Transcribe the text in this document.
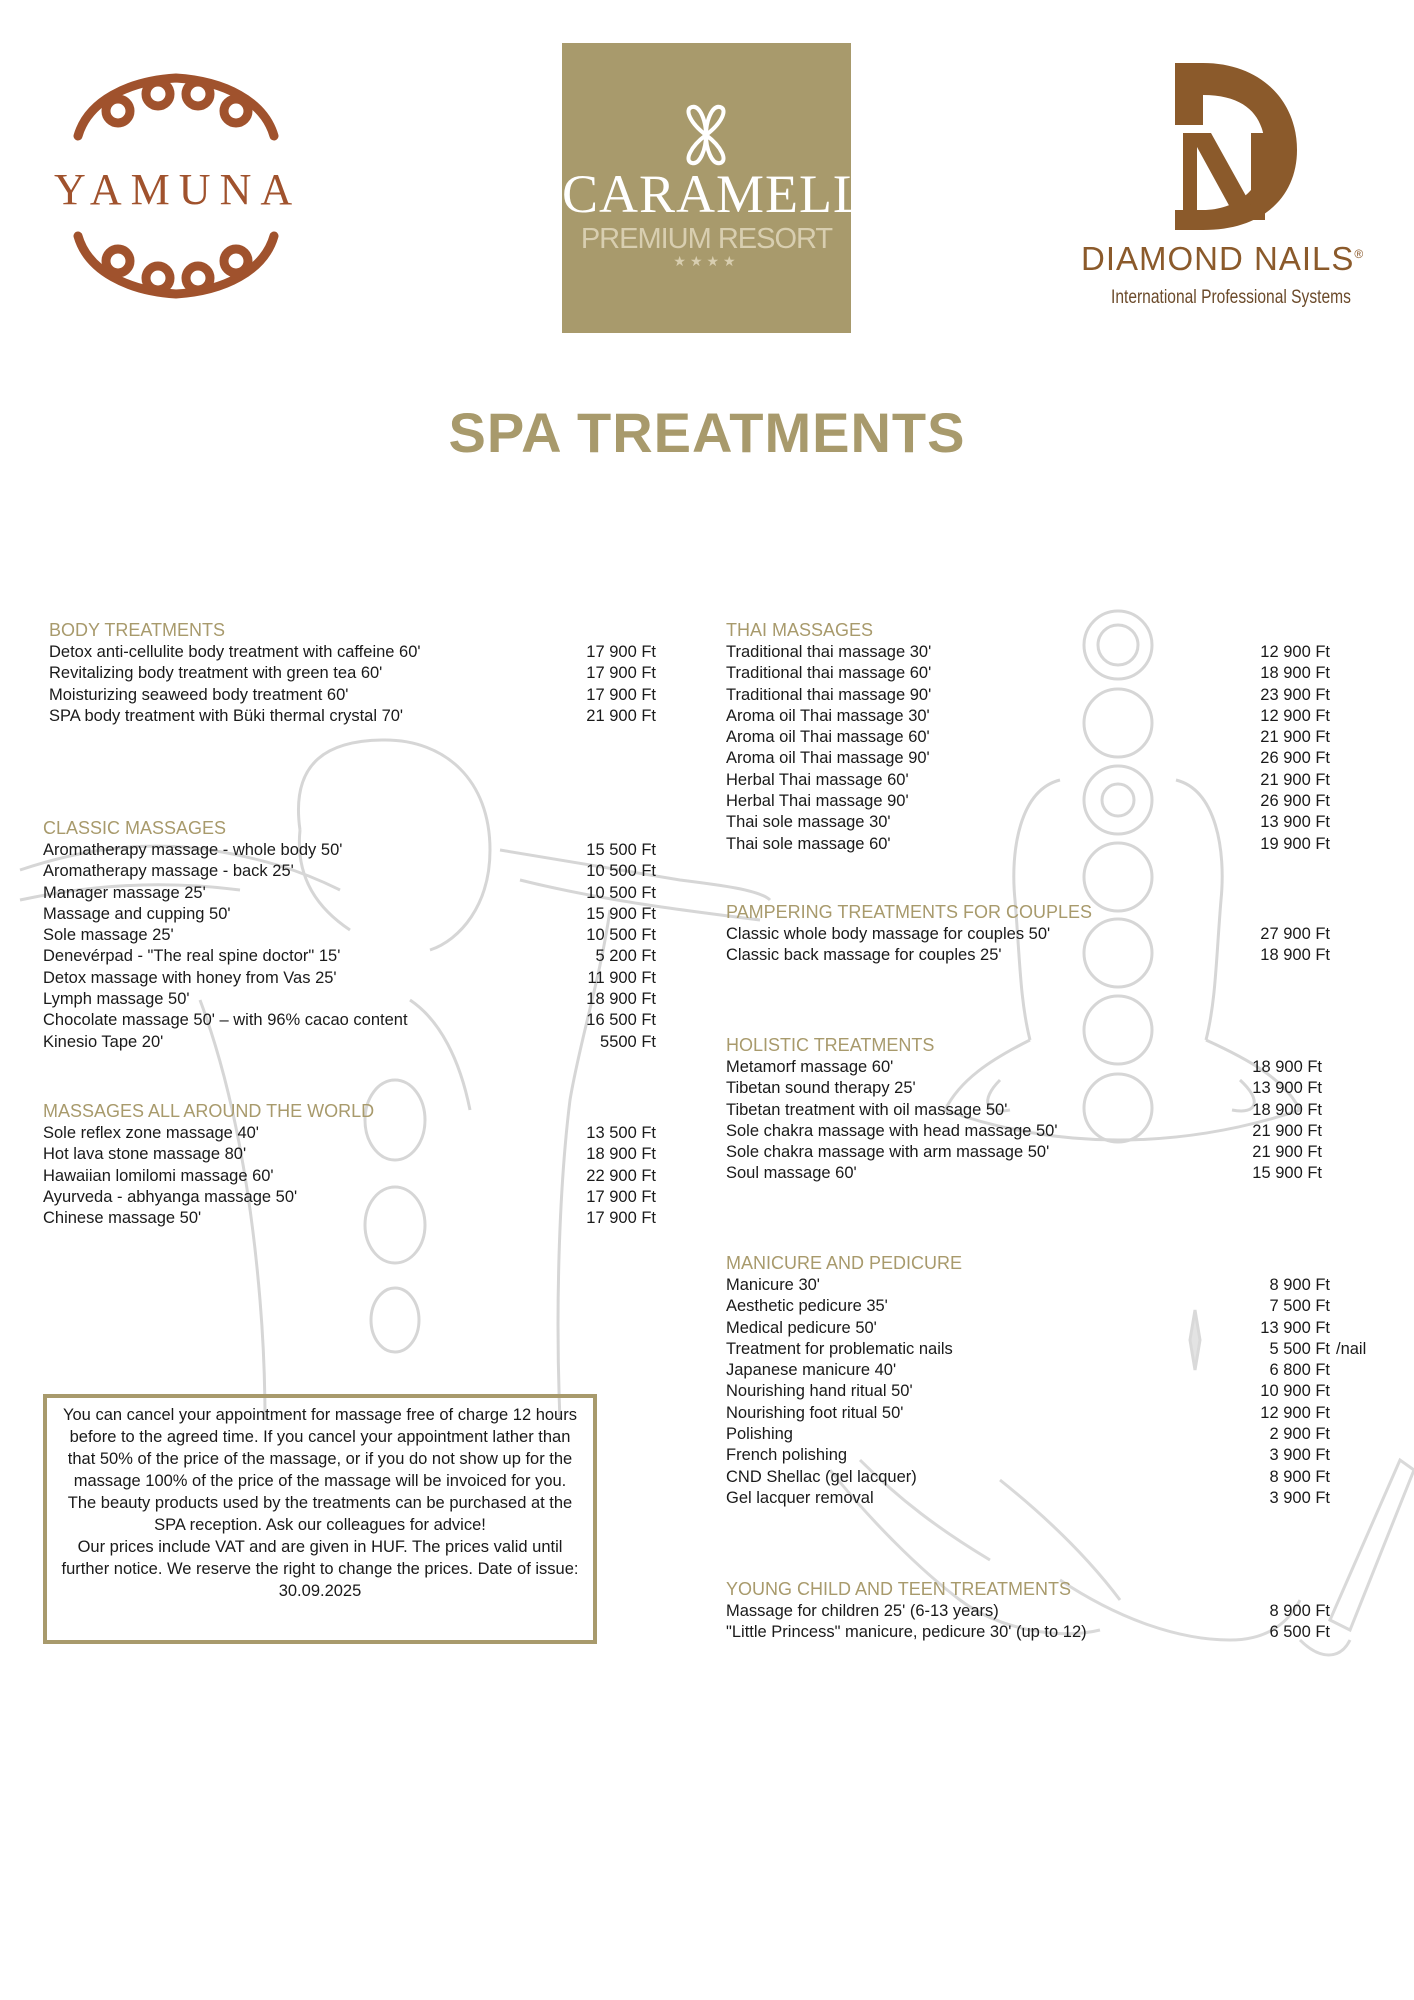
YAMUNA	CARAMELL
PREMIUM RESORT
★★★★	DIAMOND NAILS®
International Professional Systems
SPA TREATMENTS
BODY TREATMENTS
Detox anti-cellulite body treatment with caffeine 60'	17 900 Ft
Revitalizing body treatment with green tea 60'	17 900 Ft
Moisturizing seaweed body treatment 60'	17 900 Ft
SPA body treatment with Büki thermal crystal 70'	21 900 Ft
CLASSIC MASSAGES
Aromatherapy massage - whole body 50'	15 500 Ft
Aromatherapy massage - back 25'	10 500 Ft
Manager massage 25'	10 500 Ft
Massage and cupping 50'	15 900 Ft
Sole massage 25'	10 500 Ft
Denevérpad - "The real spine doctor" 15'	5 200 Ft
Detox massage with honey from Vas 25'	11 900 Ft
Lymph massage 50'	18 900 Ft
Chocolate massage 50' – with 96% cacao content	16 500 Ft
Kinesio Tape 20'	5500 Ft
MASSAGES ALL AROUND THE WORLD
Sole reflex zone massage 40'	13 500 Ft
Hot lava stone massage 80'	18 900 Ft
Hawaiian lomilomi massage 60'	22 900 Ft
Ayurveda - abhyanga massage 50'	17 900 Ft
Chinese massage 50'	17 900 Ft
THAI MASSAGES
Traditional thai massage 30'	12 900 Ft
Traditional thai massage 60'	18 900 Ft
Traditional thai massage 90'	23 900 Ft
Aroma oil Thai massage 30'	12 900 Ft
Aroma oil Thai massage 60'	21 900 Ft
Aroma oil Thai massage 90'	26 900 Ft
Herbal Thai massage 60'	21 900 Ft
Herbal Thai massage 90'	26 900 Ft
Thai sole massage 30'	13 900 Ft
Thai sole massage 60'	19 900 Ft
PAMPERING TREATMENTS FOR COUPLES
Classic whole body massage for couples 50'	27 900 Ft
Classic back massage for couples 25'	18 900 Ft
HOLISTIC TREATMENTS
Metamorf massage 60'	18 900 Ft
Tibetan sound therapy 25'	13 900 Ft
Tibetan treatment with oil massage 50'	18 900 Ft
Sole chakra massage with head massage 50'	21 900 Ft
Sole chakra massage with arm massage 50'	21 900 Ft
Soul massage 60'	15 900 Ft
MANICURE AND PEDICURE
Manicure 30'	8 900 Ft
Aesthetic pedicure 35'	7 500 Ft
Medical pedicure 50'	13 900 Ft
Treatment for problematic nails	5 500 Ft /nail
Japanese manicure 40'	6 800 Ft
Nourishing hand ritual 50'	10 900 Ft
Nourishing foot ritual 50'	12 900 Ft
Polishing	2 900 Ft
French polishing	3 900 Ft
CND Shellac (gel lacquer)	8 900 Ft
Gel lacquer removal	3 900 Ft
YOUNG CHILD AND TEEN TREATMENTS
Massage for children 25' (6-13 years)	8 900 Ft
"Little Princess" manicure, pedicure 30' (up to 12)	6 500 Ft

You can cancel your appointment for massage free of charge 12 hours before to the agreed time. If you cancel your appointment lather than that 50% of the price of the massage, or if you do not show up for the massage 100% of the price of the massage will be invoiced for you.

The beauty products used by the treatments can be purchased at the SPA reception. Ask our colleagues for advice!

Our prices include VAT and are given in HUF. The prices valid until further notice. We reserve the right to change the prices. Date of issue: 30.09.2025
